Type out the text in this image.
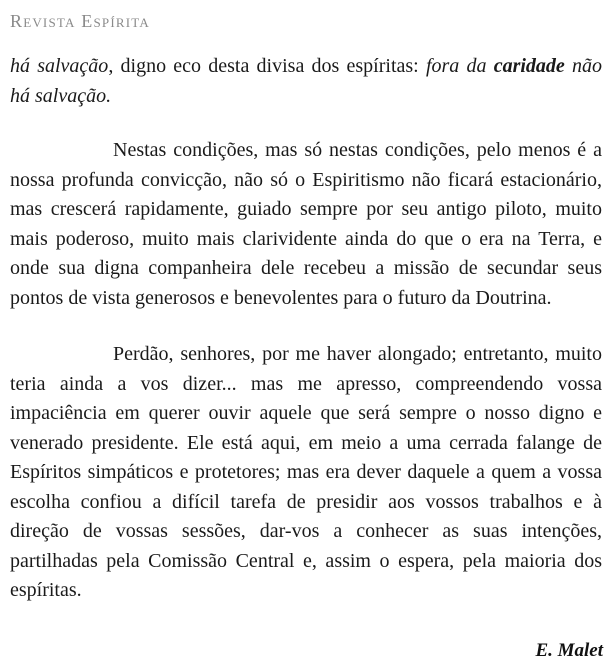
Revista Espírita

há salvação, digno eco desta divisa dos espíritas: fora da caridade não há salvação.

Nestas condições, mas só nestas condições, pelo menos é a nossa profunda convicção, não só o Espiritismo não ficará estacionário, mas crescerá rapidamente, guiado sempre por seu antigo piloto, muito mais poderoso, muito mais clarividente ainda do que o era na Terra, e onde sua digna companheira dele recebeu a missão de secundar seus pontos de vista generosos e benevolentes para o futuro da Doutrina.

Perdão, senhores, por me haver alongado; entretanto, muito teria ainda a vos dizer... mas me apresso, compreendendo vossa impaciência em querer ouvir aquele que será sempre o nosso digno e venerado presidente. Ele está aqui, em meio a uma cerrada falange de Espíritos simpáticos e protetores; mas era dever daquele a quem a vossa escolha confiou a difícil tarefa de presidir aos vossos trabalhos e à direção de vossas sessões, dar-vos a conhecer as suas intenções, partilhadas pela Comissão Central e, assim o espera, pela maioria dos espíritas.

E. Malet
